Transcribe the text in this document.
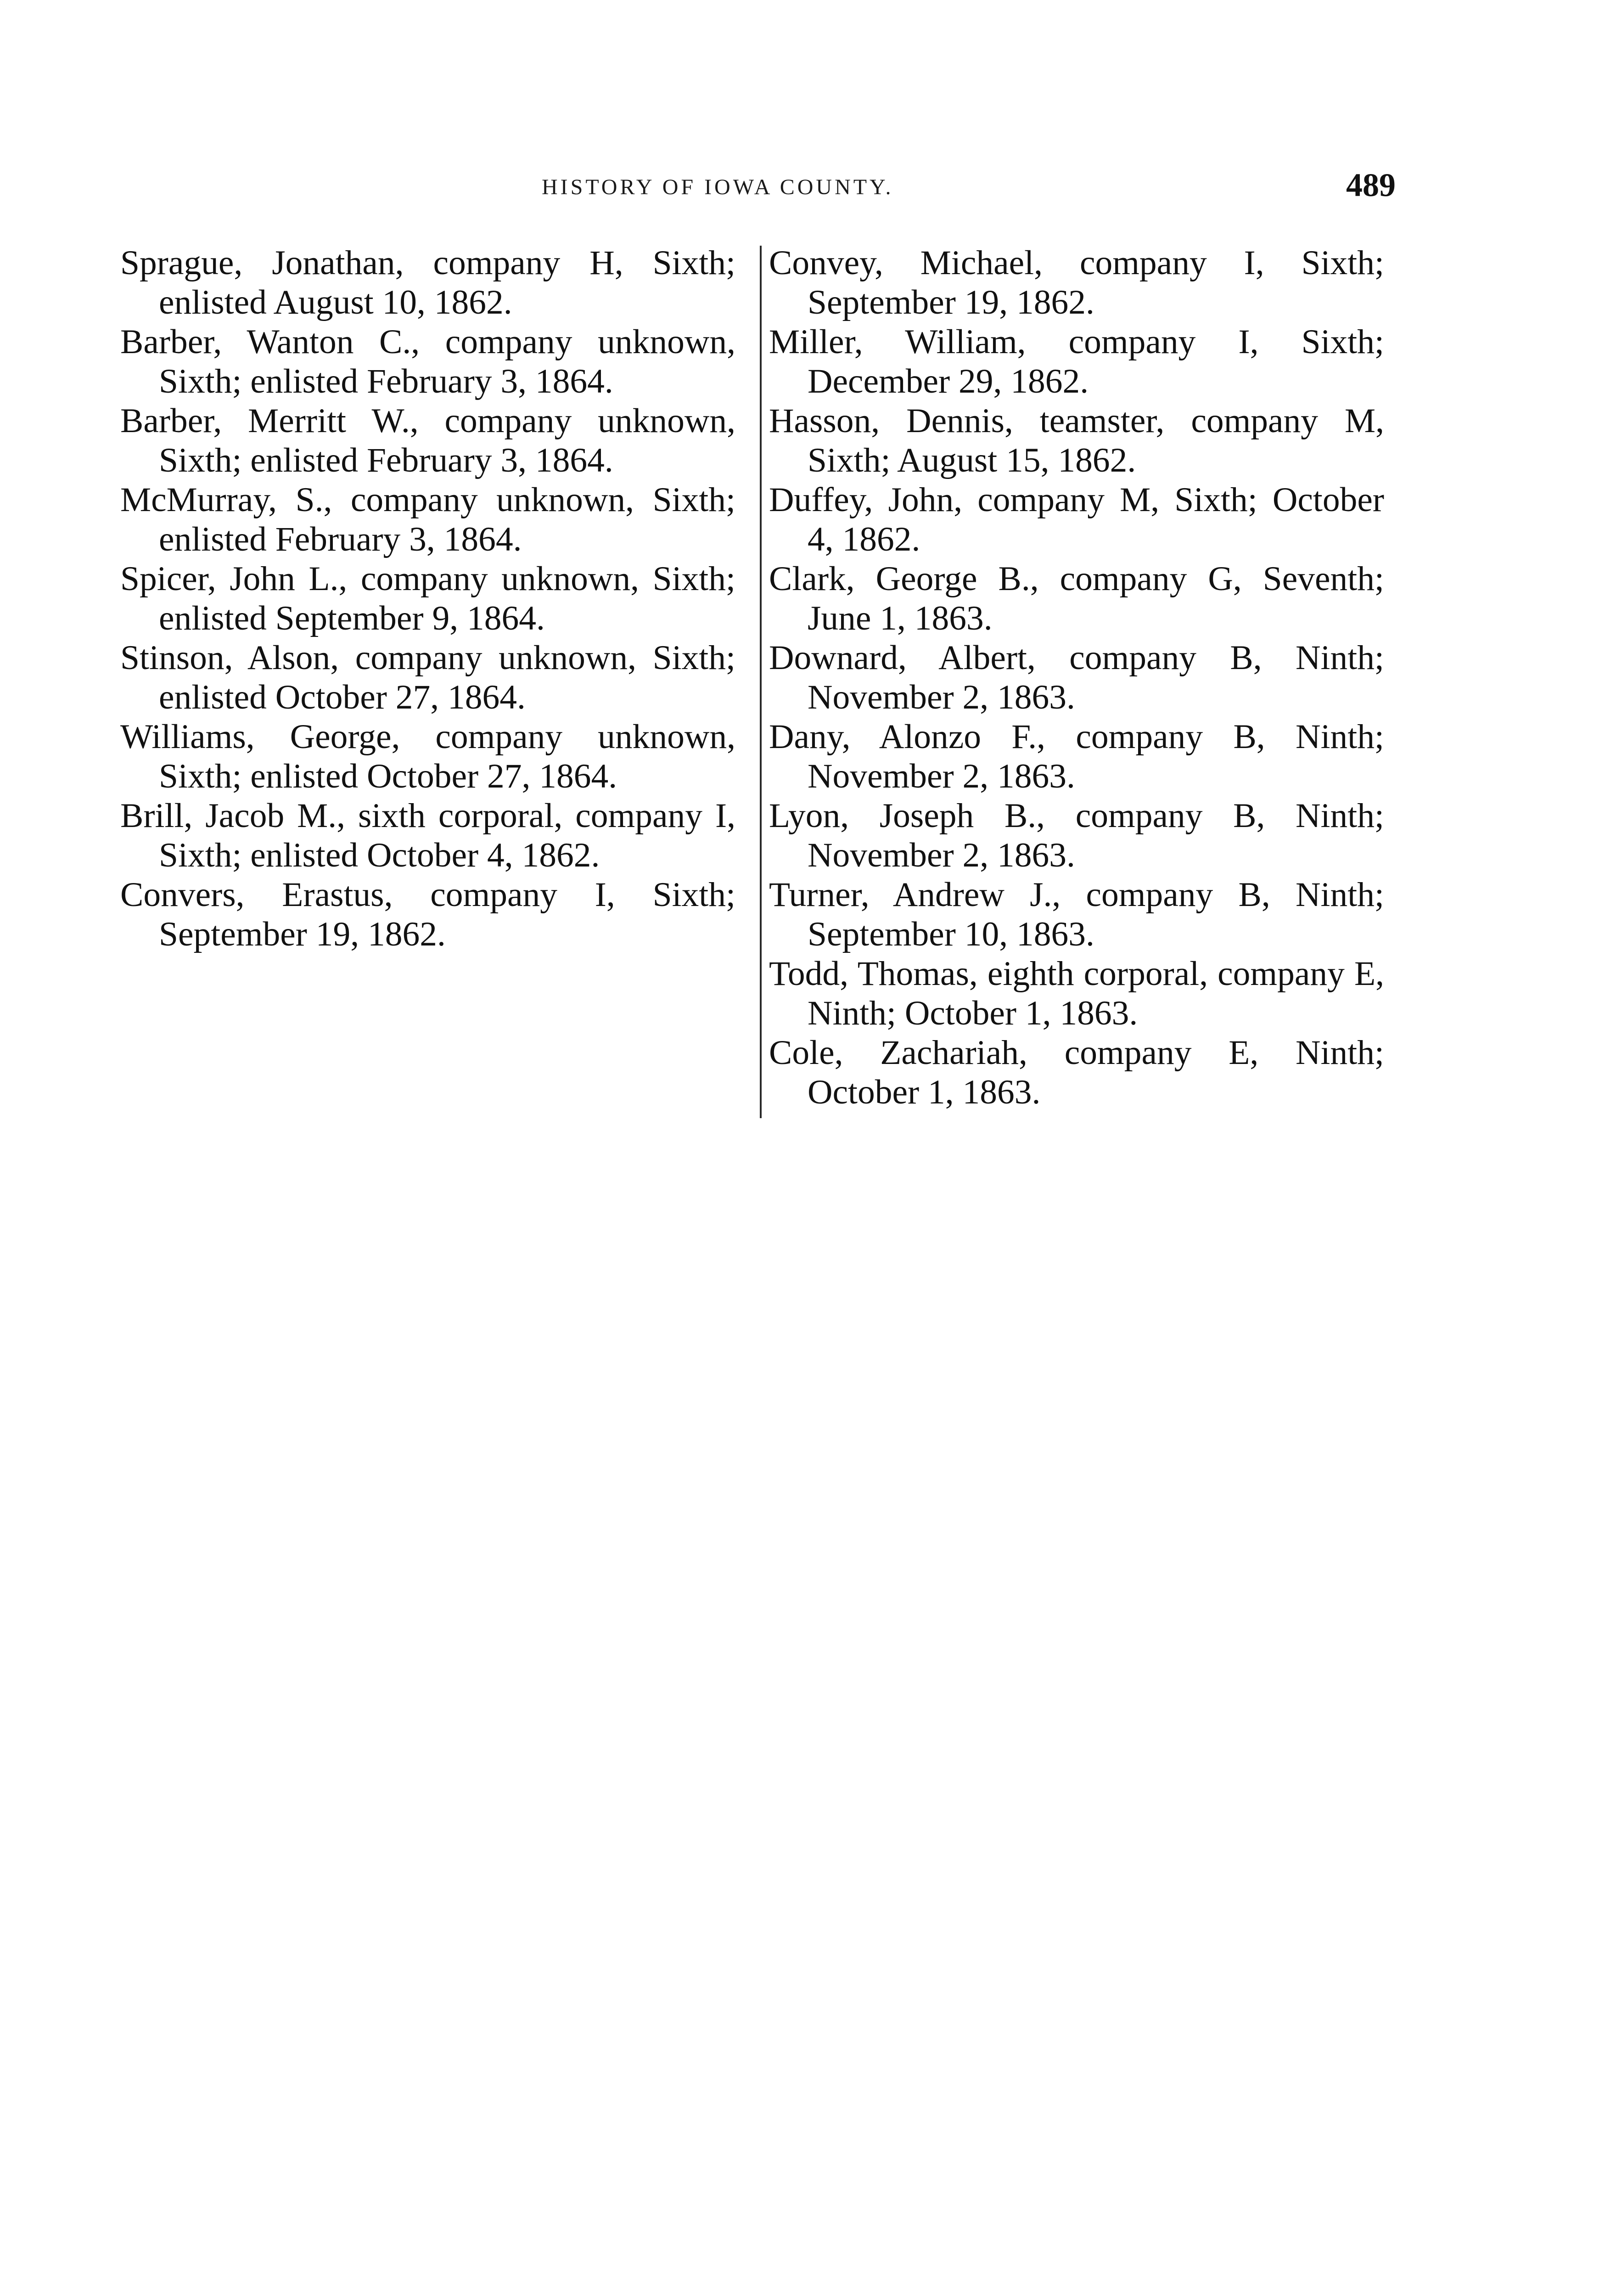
HISTORY OF IOWA COUNTY.	489

Sprague, Jonathan, company H, Sixth; enlisted August 10, 1862.

Barber, Wanton C., company unknown, Sixth; enlisted February 3, 1864.

Barber, Merritt W., company unknown, Sixth; enlisted February 3, 1864.

McMurray, S., company unknown, Sixth; enlisted February 3, 1864.

Spicer, John L., company unknown, Sixth; enlisted September 9, 1864.

Stinson, Alson, company unknown, Sixth; enlisted October 27, 1864.

Williams, George, company unknown, Sixth; enlisted October 27, 1864.

Brill, Jacob M., sixth corporal, company I, Sixth; enlisted October 4, 1862.

Convers, Erastus, company I, Sixth; September 19, 1862.

Convey, Michael, company I, Sixth; September 19, 1862.

Miller, William, company I, Sixth; December 29, 1862.

Hasson, Dennis, teamster, company M, Sixth; August 15, 1862.

Duffey, John, company M, Sixth; October 4, 1862.

Clark, George B., company G, Seventh; June 1, 1863.

Downard, Albert, company B, Ninth; November 2, 1863.

Dany, Alonzo F., company B, Ninth; November 2, 1863.

Lyon, Joseph B., company B, Ninth; November 2, 1863.

Turner, Andrew J., company B, Ninth; September 10, 1863.

Todd, Thomas, eighth corporal, company E, Ninth; October 1, 1863.

Cole, Zachariah, company E, Ninth; October 1, 1863.
